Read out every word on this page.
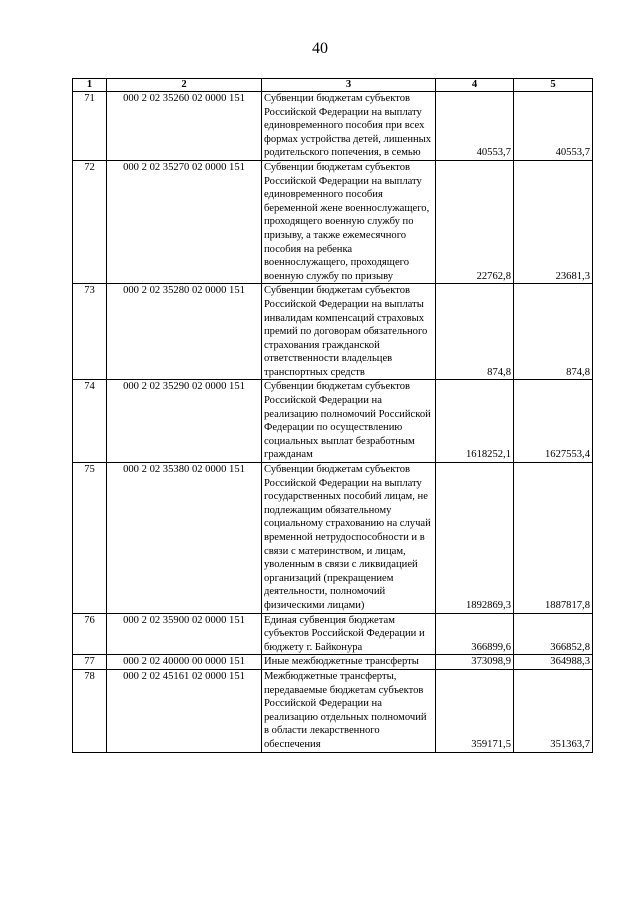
40
1	2	3	4	5
71	000 2 02 35260 02 0000 151	Субвенции бюджетам субъектов Российской Федерации на выплату единовременного пособия при всех формах устройства детей, лишенных родительского попечения, в семью	40553,7	40553,7
72	000 2 02 35270 02 0000 151	Субвенции бюджетам субъектов Российской Федерации на выплату единовременного пособия беременной жене военнослужащего, проходящего военную службу по призыву, а также ежемесячного пособия на ребенка военнослужащего, проходящего военную службу по призыву	22762,8	23681,3
73	000 2 02 35280 02 0000 151	Субвенции бюджетам субъектов Российской Федерации на выплаты инвалидам компенсаций страховых премий по договорам обязательного страхования гражданской ответственности владельцев транспортных средств	874,8	874,8
74	000 2 02 35290 02 0000 151	Субвенции бюджетам субъектов Российской Федерации на реализацию полномочий Российской Федерации по осуществлению социальных выплат безработным гражданам	1618252,1	1627553,4
75	000 2 02 35380 02 0000 151	Субвенции бюджетам субъектов Российской Федерации на выплату государственных пособий лицам, не подлежащим обязательному социальному страхованию на случай временной нетрудоспособности и в связи с материнством, и лицам, уволенным в связи с ликвидацией организаций (прекращением деятельности, полномочий физическими лицами)	1892869,3	1887817,8
76	000 2 02 35900 02 0000 151	Единая субвенция бюджетам субъектов Российской Федерации и бюджету г. Байконура	366899,6	366852,8
77	000 2 02 40000 00 0000 151	Иные межбюджетные трансферты	373098,9	364988,3
78	000 2 02 45161 02 0000 151	Межбюджетные трансферты, передаваемые бюджетам субъектов Российской Федерации на реализацию отдельных полномочий в области лекарственного обеспечения	359171,5	351363,7
